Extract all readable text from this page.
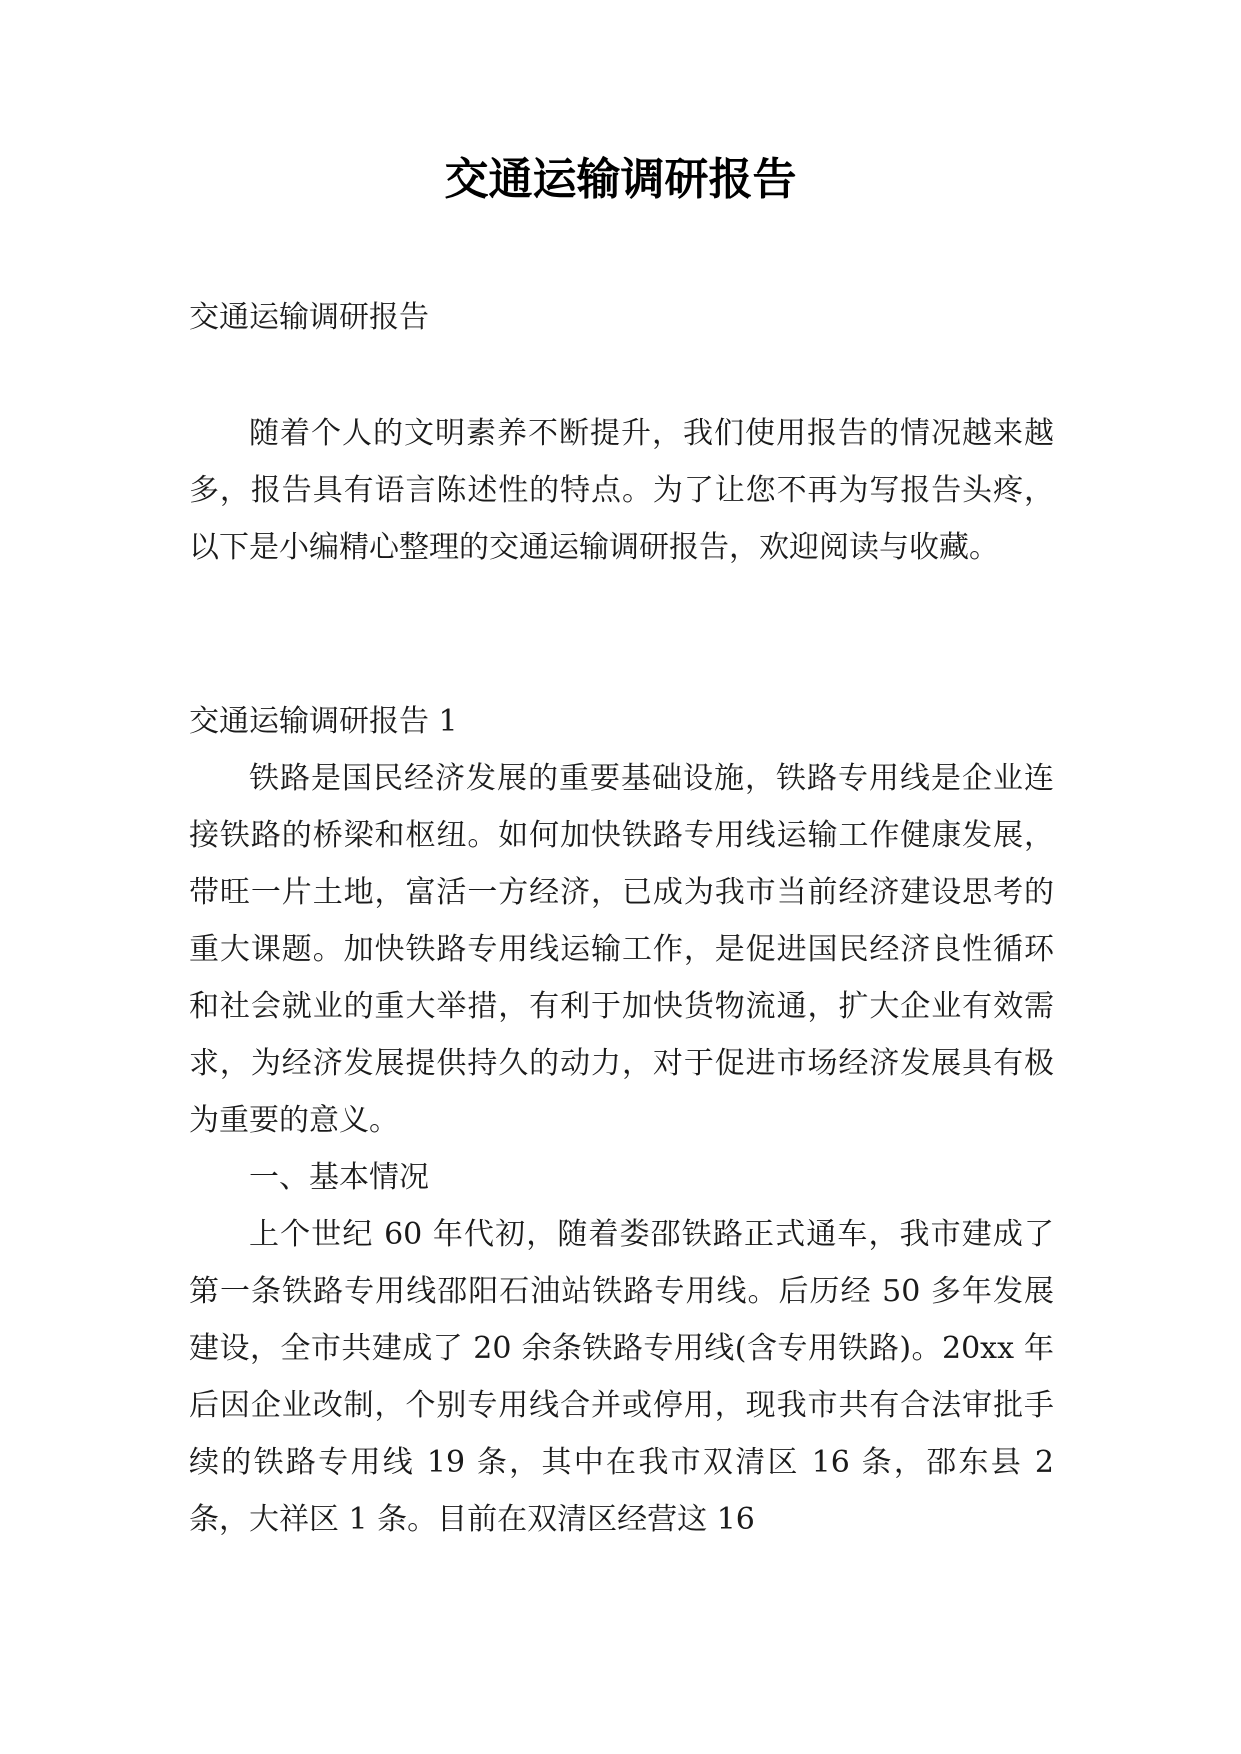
交通运输调研报告
交通运输调研报告

随着个人的文明素养不断提升，我们使用报告的情况越来越多，报告具有语言陈述性的特点。为了让您不再为写报告头疼，以下是小编精心整理的交通运输调研报告，欢迎阅读与收藏。

交通运输调研报告 1

铁路是国民经济发展的重要基础设施，铁路专用线是企业连接铁路的桥梁和枢纽。如何加快铁路专用线运输工作健康发展，带旺一片土地，富活一方经济，已成为我市当前经济建设思考的重大课题。加快铁路专用线运输工作，是促进国民经济良性循环和社会就业的重大举措，有利于加快货物流通，扩大企业有效需求，为经济发展提供持久的动力，对于促进市场经济发展具有极为重要的意义。

一、基本情况

上个世纪 60 年代初，随着娄邵铁路正式通车，我市建成了第一条铁路专用线邵阳石油站铁路专用线。后历经 50 多年发展建设，全市共建成了 20 余条铁路专用线(含专用铁路)。20xx 年后因企业改制，个别专用线合并或停用，现我市共有合法审批手续的铁路专用线 19 条，其中在我市双清区 16 条，邵东县 2 条，大祥区 1 条。目前在双清区经营这 16
